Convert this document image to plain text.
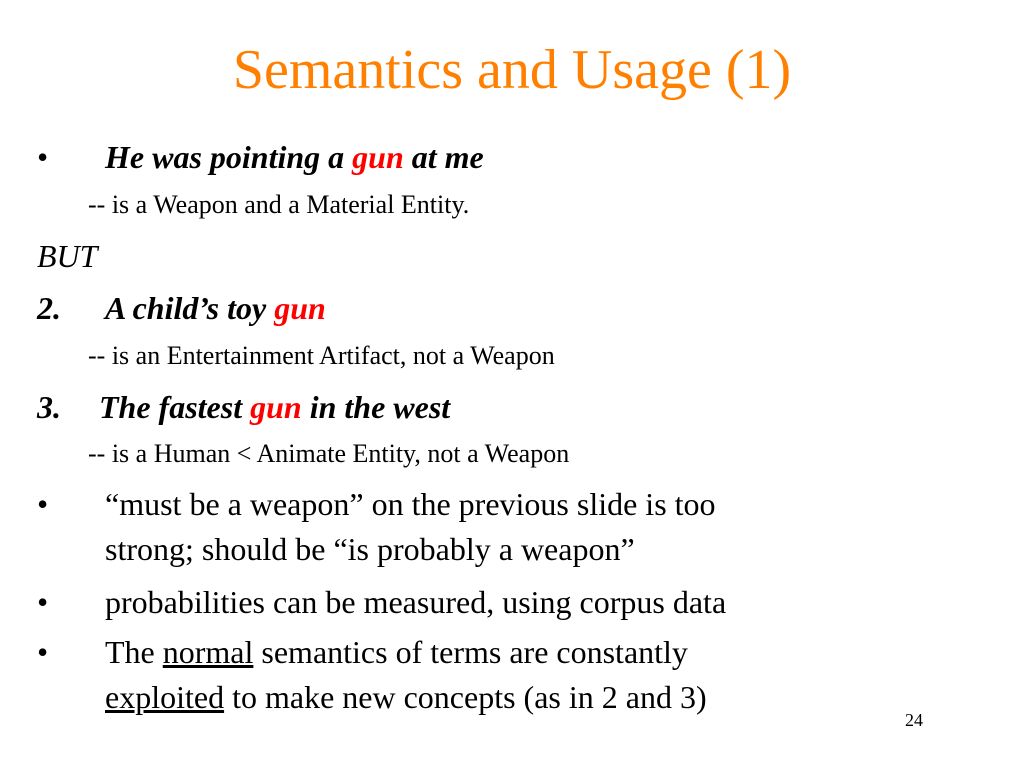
Semantics and Usage (1)
• He was pointing a gun at me
-- is a Weapon and a Material Entity.
BUT
2. A child’s toy gun
-- is an Entertainment Artifact, not a Weapon
3. The fastest gun in the west
-- is a Human < Animate Entity, not a Weapon
• “must be a weapon” on the previous slide is too
strong; should be “is probably a weapon”
• probabilities can be measured, using corpus data
• The normal semantics of terms are constantly
exploited to make new concepts (as in 2 and 3)
24
